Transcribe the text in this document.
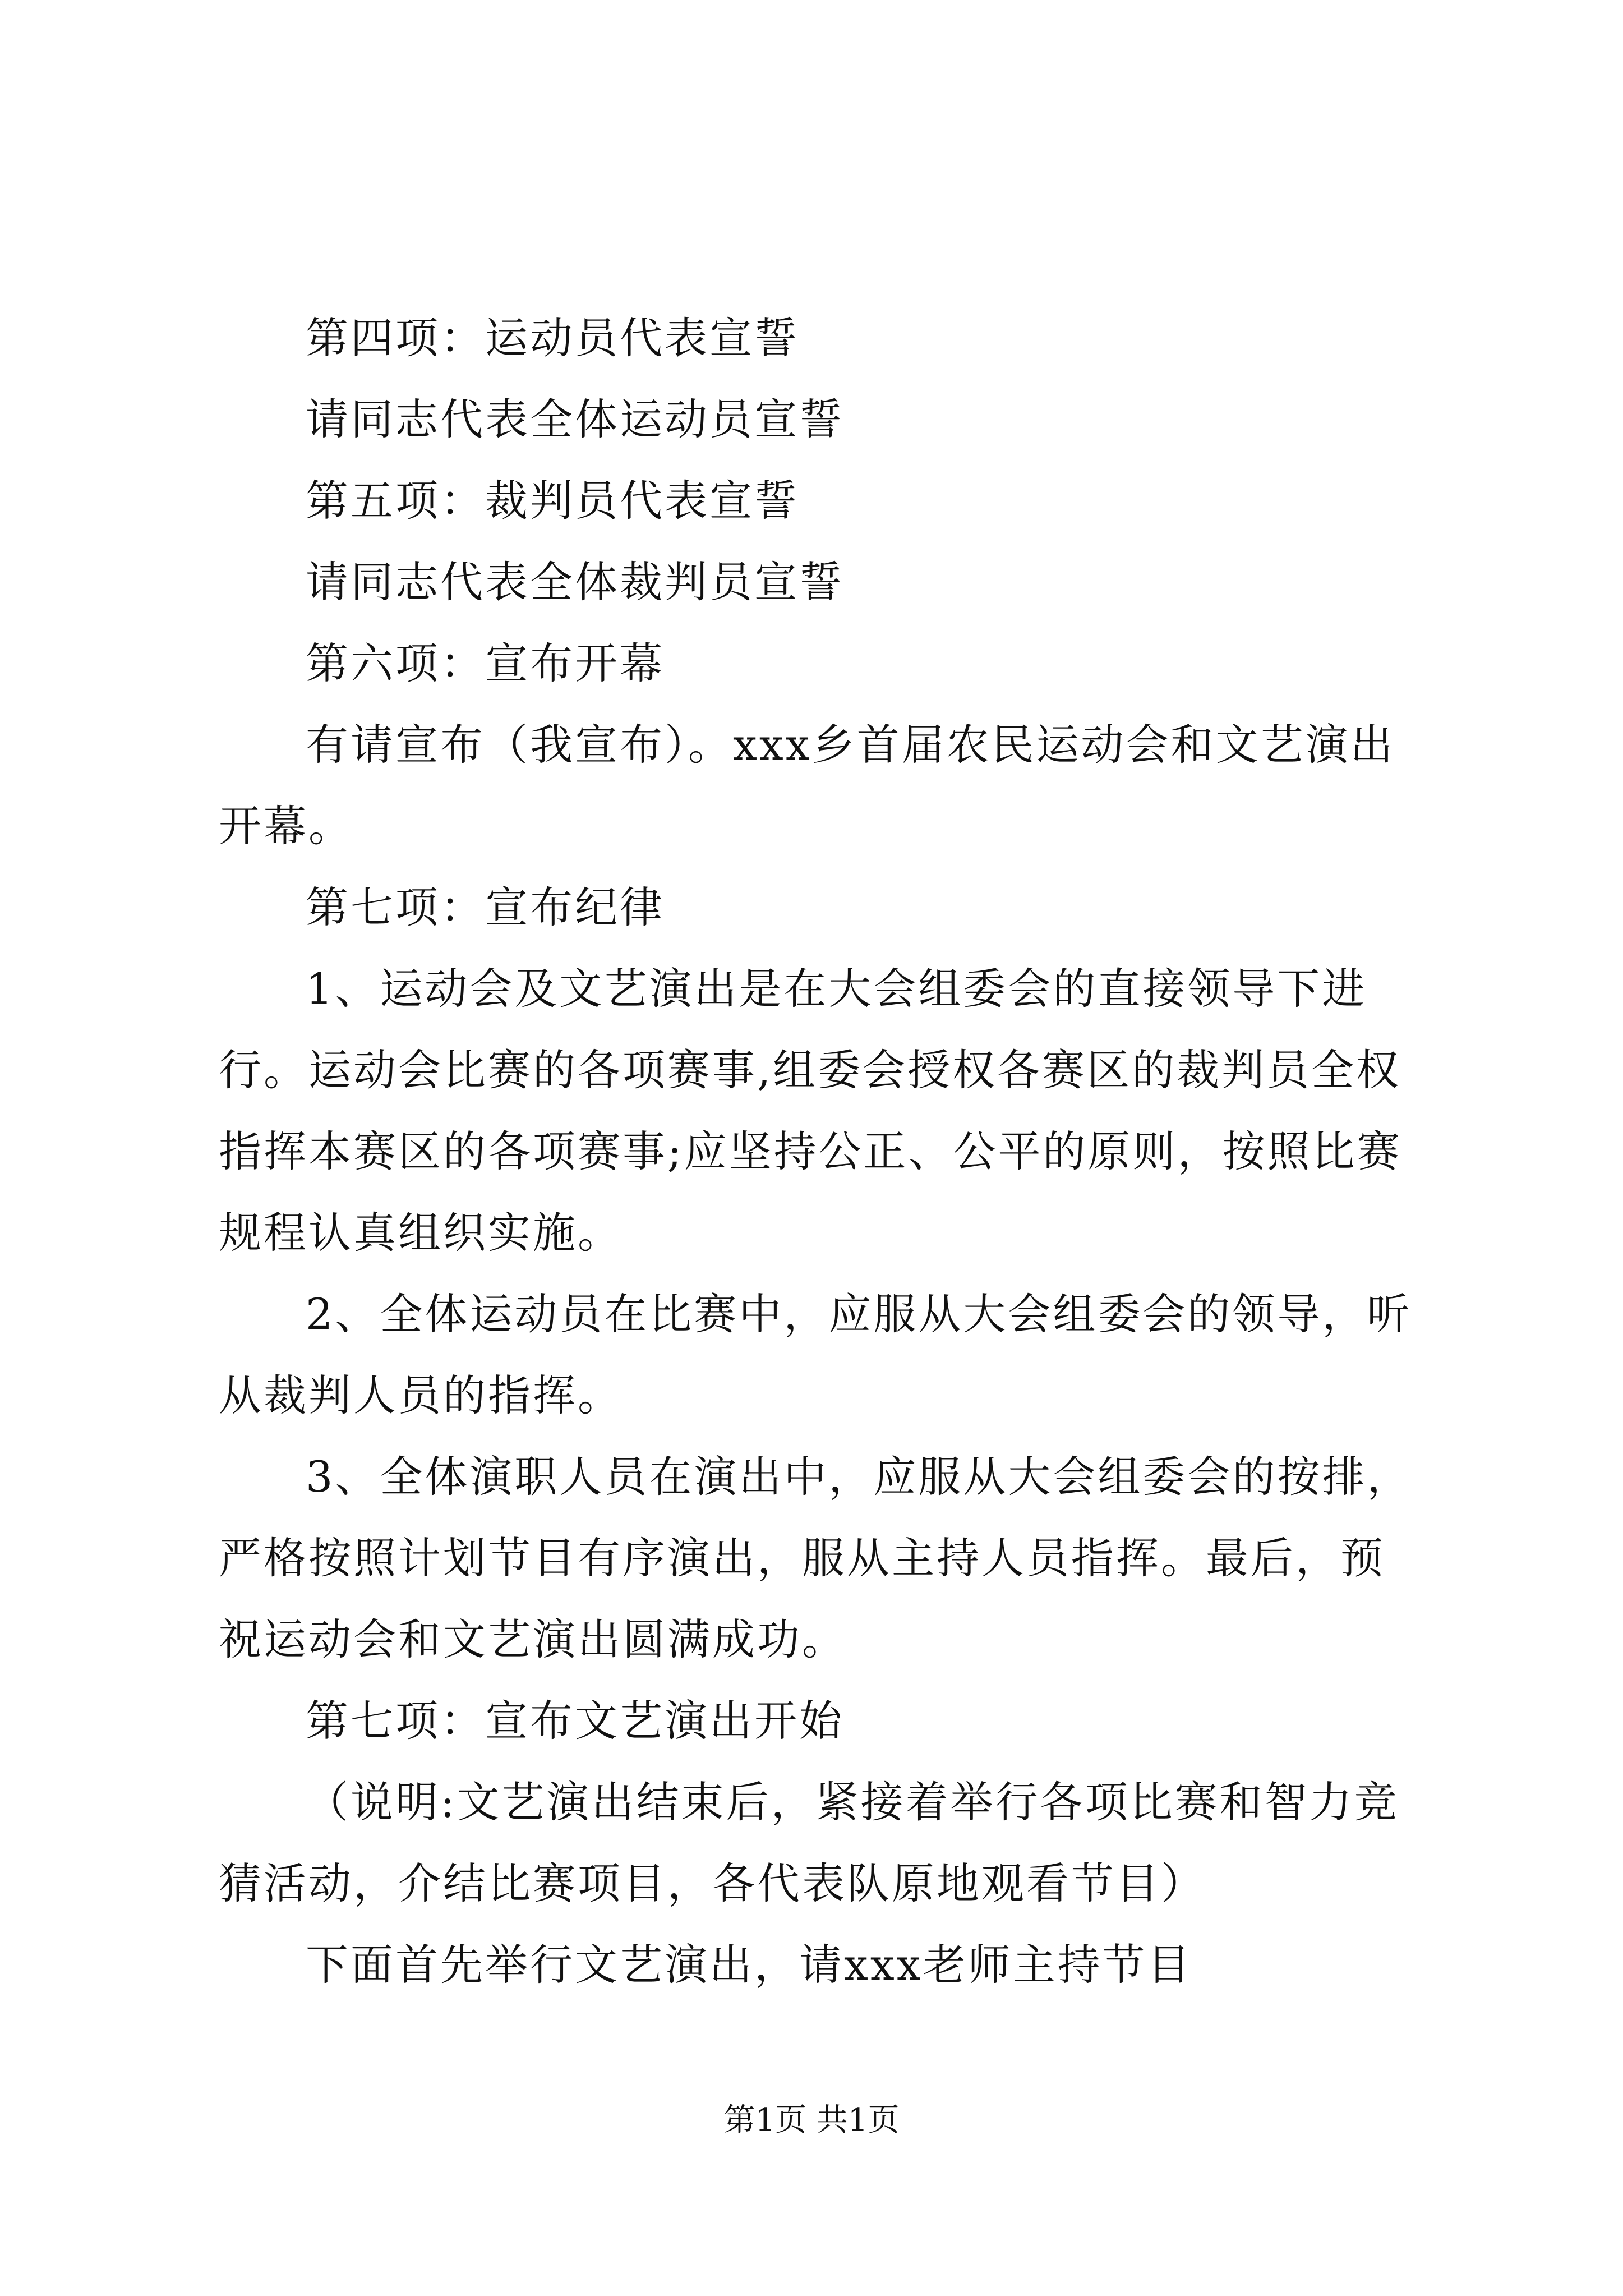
第四项：运动员代表宣誓

请同志代表全体运动员宣誓

第五项：裁判员代表宣誓

请同志代表全体裁判员宣誓

第六项：宣布开幕

有请宣布（我宣布）。xxx乡首届农民运动会和文艺演出开幕。

第七项：宣布纪律

1、运动会及文艺演出是在大会组委会的直接领导下进行。运动会比赛的各项赛事,组委会授权各赛区的裁判员全权指挥本赛区的各项赛事;应坚持公正、公平的原则，按照比赛规程认真组织实施。

2、全体运动员在比赛中，应服从大会组委会的领导，听从裁判人员的指挥。

3、全体演职人员在演出中，应服从大会组委会的按排，严格按照计划节目有序演出，服从主持人员指挥。最后，预祝运动会和文艺演出圆满成功。

第七项：宣布文艺演出开始

（说明:文艺演出结束后，紧接着举行各项比赛和智力竞猜活动，介结比赛项目，各代表队原地观看节目）

下面首先举行文艺演出，请xxx老师主持节目

第1页 共1页
